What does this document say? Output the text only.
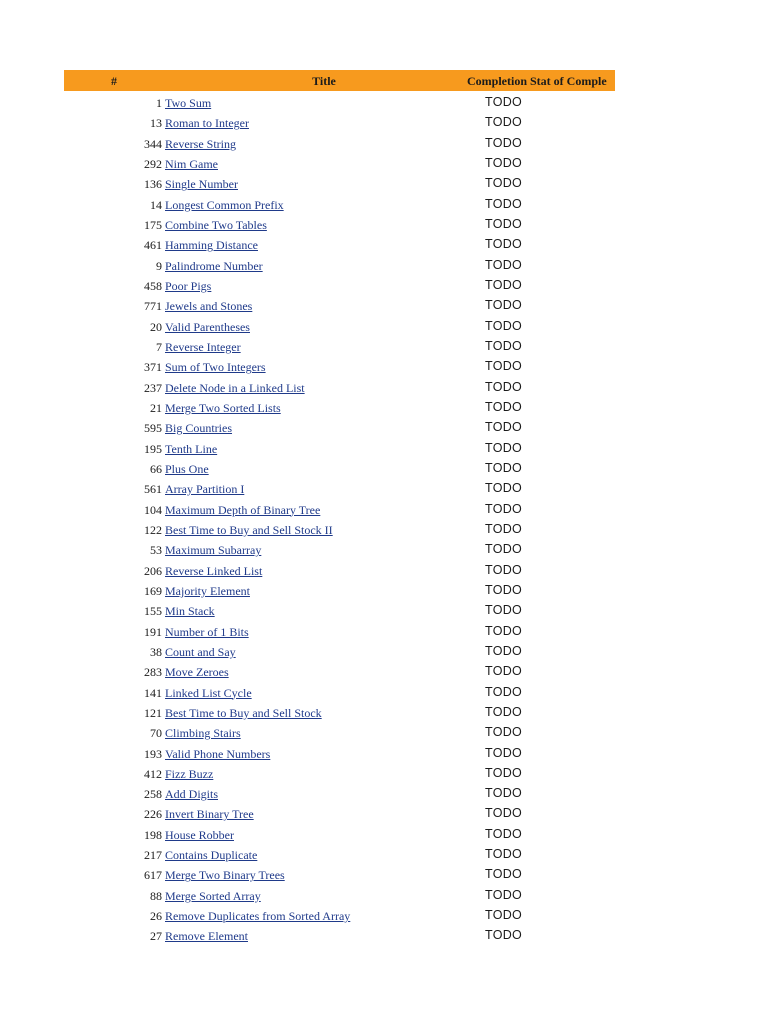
#	Title	Completion Stat of Comple
1 Two Sum	TODO
13 Roman to Integer	TODO
344 Reverse String	TODO
292 Nim Game	TODO
136 Single Number	TODO
14 Longest Common Prefix	TODO
175 Combine Two Tables	TODO
461 Hamming Distance	TODO
9 Palindrome Number	TODO
458 Poor Pigs	TODO
771 Jewels and Stones	TODO
20 Valid Parentheses	TODO
7 Reverse Integer	TODO
371 Sum of Two Integers	TODO
237 Delete Node in a Linked List	TODO
21 Merge Two Sorted Lists	TODO
595 Big Countries	TODO
195 Tenth Line	TODO
66 Plus One	TODO
561 Array Partition I	TODO
104 Maximum Depth of Binary Tree	TODO
122 Best Time to Buy and Sell Stock II	TODO
53 Maximum Subarray	TODO
206 Reverse Linked List	TODO
169 Majority Element	TODO
155 Min Stack	TODO
191 Number of 1 Bits	TODO
38 Count and Say	TODO
283 Move Zeroes	TODO
141 Linked List Cycle	TODO
121 Best Time to Buy and Sell Stock	TODO
70 Climbing Stairs	TODO
193 Valid Phone Numbers	TODO
412 Fizz Buzz	TODO
258 Add Digits	TODO
226 Invert Binary Tree	TODO
198 House Robber	TODO
217 Contains Duplicate	TODO
617 Merge Two Binary Trees	TODO
88 Merge Sorted Array	TODO
26 Remove Duplicates from Sorted Array	TODO
27 Remove Element	TODO
